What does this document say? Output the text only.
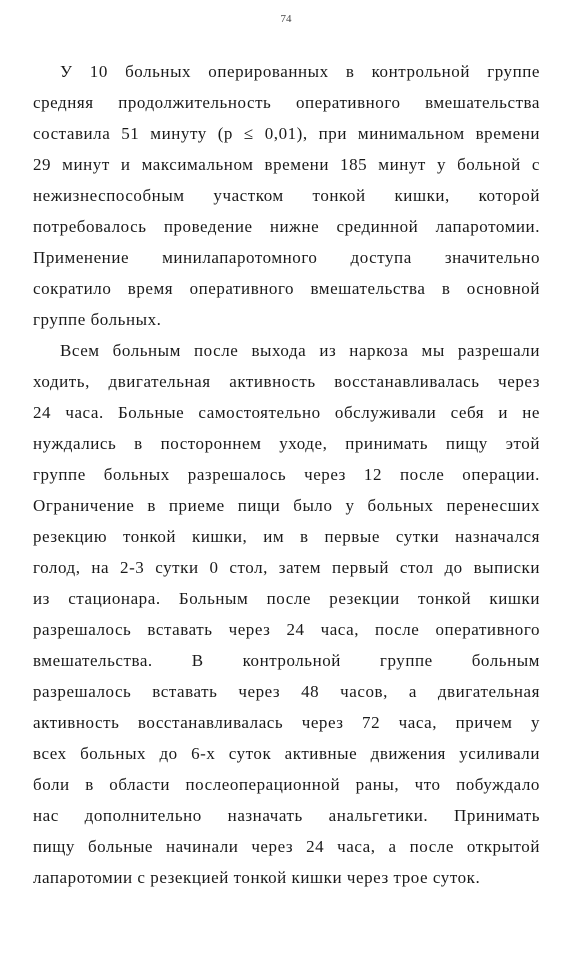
74
У 10 больных оперированных в контрольной группе
средняя продолжительность оперативного вмешательства
составила 51 минуту (p ≤ 0,01), при минимальном времени
29 минут и максимальном времени 185 минут у больной с
нежизнеспособным участком тонкой кишки, которой
потребовалось проведение нижне срединной лапаротомии.
Применение минилапаротомного доступа значительно
сократило время оперативного вмешательства в основной
группе больных.
Всем больным после выхода из наркоза мы разрешали
ходить, двигательная активность восстанавливалась через
24 часа. Больные самостоятельно обслуживали себя и не
нуждались в постороннем уходе, принимать пищу этой
группе больных разрешалось через 12 после операции.
Ограничение в приеме пищи было у больных перенесших
резекцию тонкой кишки, им в первые сутки назначался
голод, на 2-3 сутки 0 стол, затем первый стол до выписки
из стационара. Больным после резекции тонкой кишки
разрешалось вставать через 24 часа, после оперативного
вмешательства. В контрольной группе больным
разрешалось вставать через 48 часов, а двигательная
активность восстанавливалась через 72 часа, причем у
всех больных до 6-х суток активные движения усиливали
боли в области послеоперационной раны, что побуждало
нас дополнительно назначать анальгетики. Принимать
пищу больные начинали через 24 часа, а после открытой
лапаротомии с резекцией тонкой кишки через трое суток.
